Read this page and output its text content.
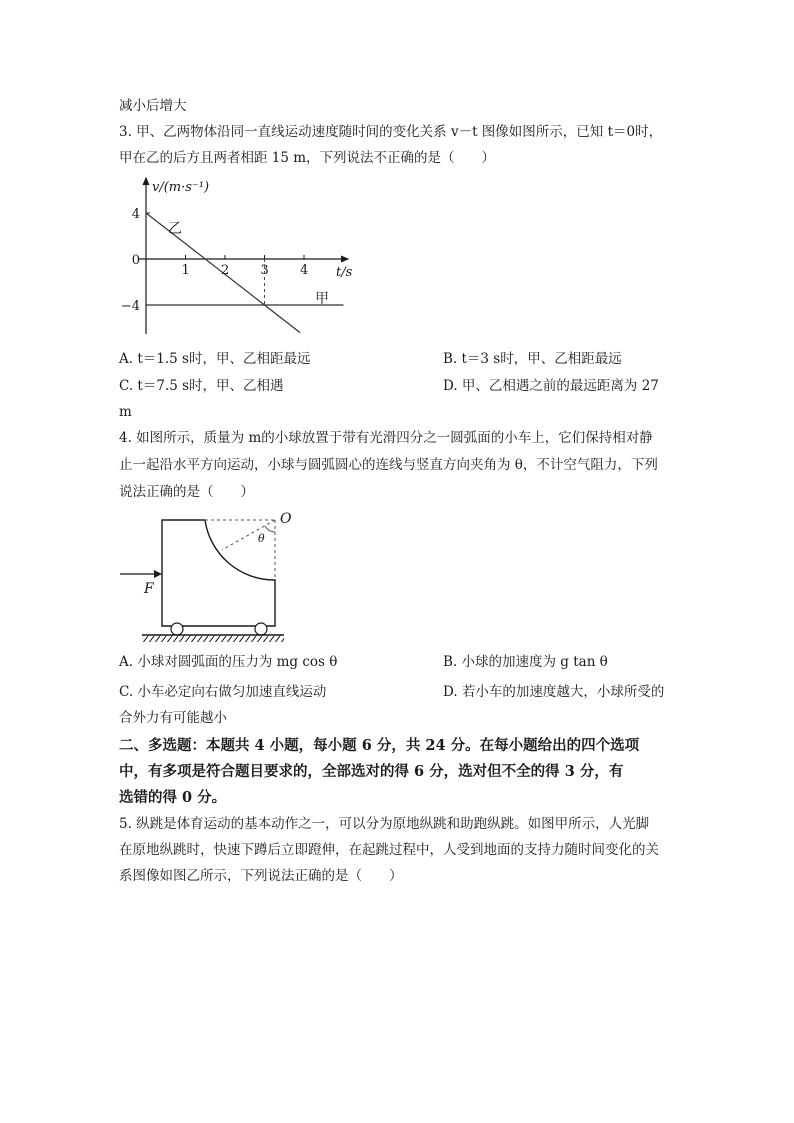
减小后增大
3. 甲、乙两物体沿同一直线运动速度随时间的变化关系 v－t 图像如图所示，已知 t＝0时，
甲在乙的后方且两者相距 15 m，下列说法不正确的是（　　）
v/(m·s⁻¹)
t/s
1 2 3 4
4
0
−4
乙
甲
A. t＝1.5 s时，甲、乙相距最远	B. t＝3 s时，甲、乙相距最远
C. t＝7.5 s时，甲、乙相遇	D. 甲、乙相遇之前的最远距离为 27
m
4. 如图所示，质量为 m的小球放置于带有光滑四分之一圆弧面的小车上，它们保持相对静
止一起沿水平方向运动，小球与圆弧圆心的连线与竖直方向夹角为 θ，不计空气阻力，下列
说法正确的是（　　）
O
θ
F
A. 小球对圆弧面的压力为 mg cos θ	B. 小球的加速度为 g tan θ
C. 小车必定向右做匀加速直线运动	D. 若小车的加速度越大，小球所受的
合外力有可能越小
二、多选题：本题共 4 小题，每小题 6 分，共 24 分。在每小题给出的四个选项
中，有多项是符合题目要求的，全部选对的得 6 分，选对但不全的得 3 分，有
选错的得 0 分。
5. 纵跳是体育运动的基本动作之一，可以分为原地纵跳和助跑纵跳。如图甲所示，人光脚
在原地纵跳时，快速下蹲后立即蹬伸，在起跳过程中，人受到地面的支持力随时间变化的关
系图像如图乙所示，下列说法正确的是（　　）
